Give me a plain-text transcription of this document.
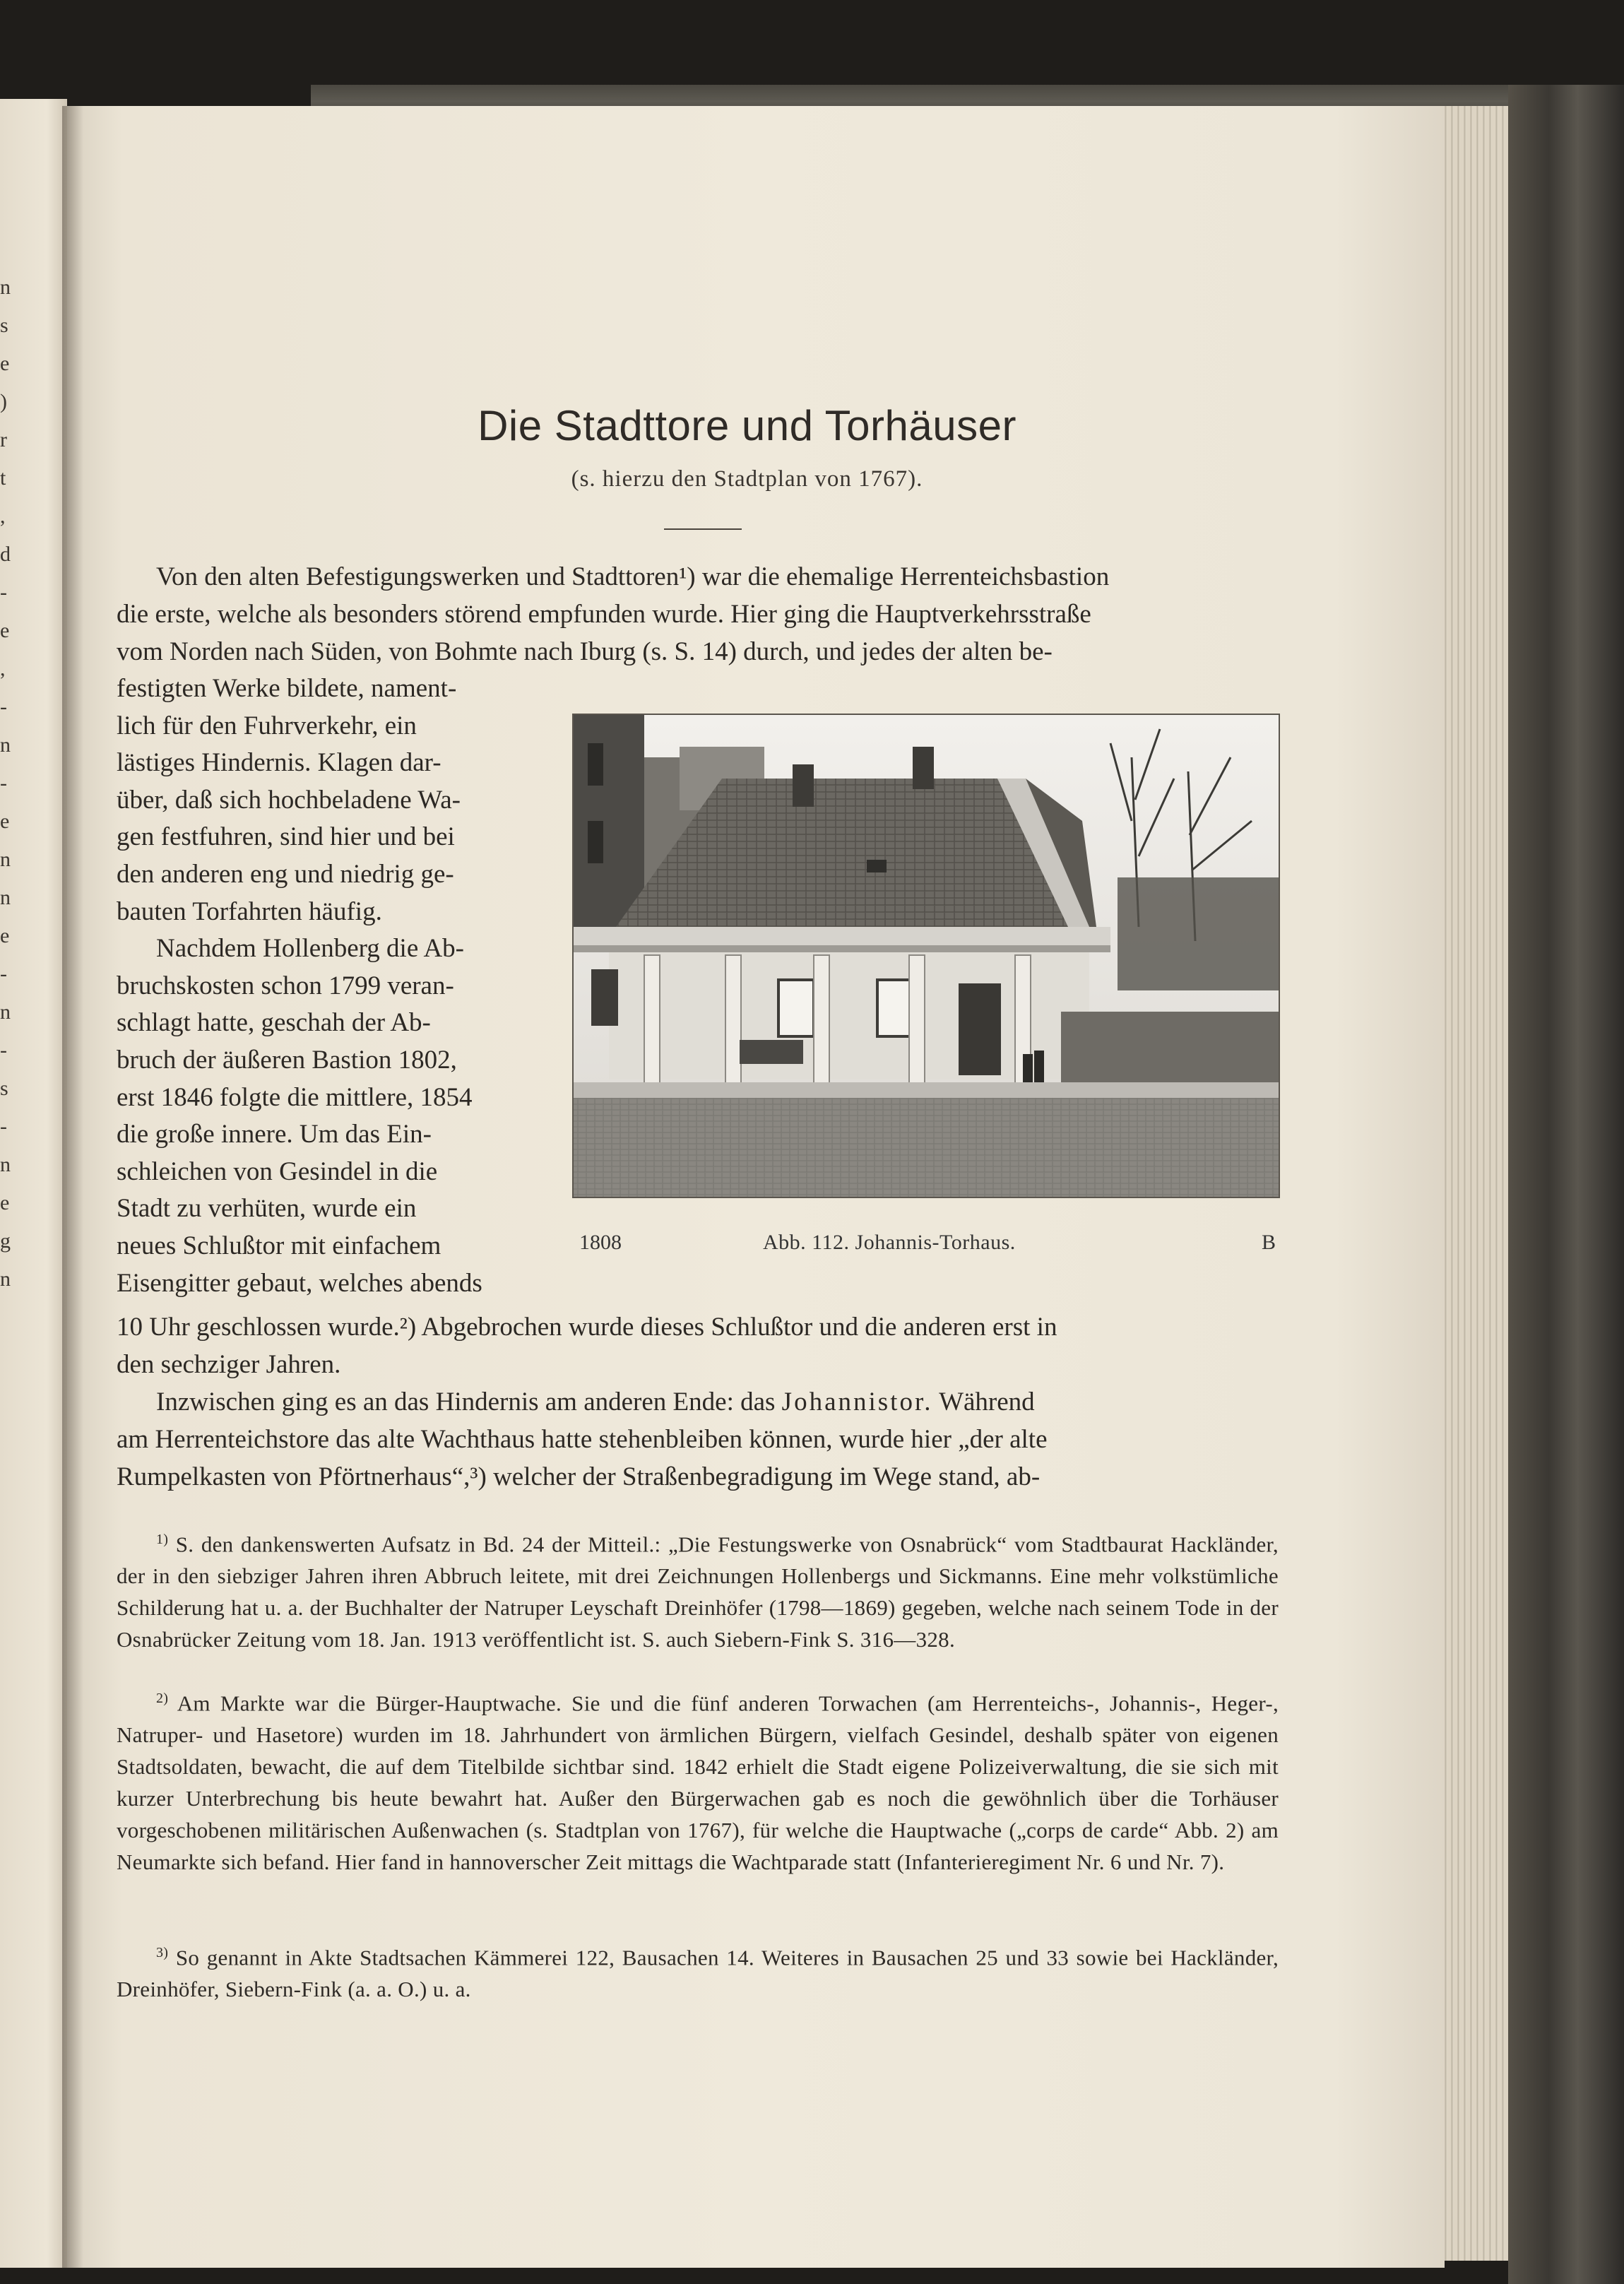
n
s
e
)
r
t
,
d
-
e
,
-
n
-
e
n
n
e
-
n
-
s
-
n
e
g
n
Die Stadttore und Torhäuser
(s. hierzu den Stadtplan von 1767).
Von den alten Befestigungswerken und Stadttoren¹) war die ehemalige Herrenteichsbastion
die erste, welche als besonders störend empfunden wurde. Hier ging die Hauptverkehrsstraße
vom Norden nach Süden, von Bohmte nach Iburg (s. S. 14) durch, und jedes der alten be-
festigten Werke bildete, nament-
lich für den Fuhrverkehr, ein
lästiges Hindernis. Klagen dar-
über, daß sich hochbeladene Wa-
gen festfuhren, sind hier und bei
den anderen eng und niedrig ge-
bauten Torfahrten häufig.
Nachdem Hollenberg die Ab-
bruchskosten schon 1799 veran-
schlagt hatte, geschah der Ab-
bruch der äußeren Bastion 1802,
erst 1846 folgte die mittlere, 1854
die große innere. Um das Ein-
schleichen von Gesindel in die
Stadt zu verhüten, wurde ein
neues Schlußtor mit einfachem
Eisengitter gebaut, welches abends
1808	Abb. 112. Johannis-Torhaus.	B
10 Uhr geschlossen wurde.²) Abgebrochen wurde dieses Schlußtor und die anderen erst in
den sechziger Jahren.
Inzwischen ging es an das Hindernis am anderen Ende: das Johannistor. Während
am Herrenteichstore das alte Wachthaus hatte stehenbleiben können, wurde hier „der alte
Rumpelkasten von Pförtnerhaus“,³) welcher der Straßenbegradigung im Wege stand, ab-
$^{1)}$ S. den dankenswerten Aufsatz in Bd. 24 der Mitteil.: „Die Festungswerke von Osnabrück“ vom Stadtbaurat Hackländer, der in den siebziger Jahren ihren Abbruch leitete, mit drei Zeichnungen Hollenbergs und Sickmanns. Eine mehr volkstümliche Schilderung hat u. a. der Buchhalter der Natruper Leyschaft Dreinhöfer (1798—1869) gegeben, welche nach seinem Tode in der Osnabrücker Zeitung vom 18. Jan. 1913 veröffentlicht ist. S. auch Siebern-Fink S. 316—328.
$^{2)}$ Am Markte war die Bürger-Hauptwache. Sie und die fünf anderen Torwachen (am Herrenteichs-, Johannis-, Heger-, Natruper- und Hasetore) wurden im 18. Jahrhundert von ärmlichen Bürgern, vielfach Gesindel, deshalb später von eigenen Stadtsoldaten, bewacht, die auf dem Titelbilde sichtbar sind. 1842 erhielt die Stadt eigene Polizeiverwaltung, die sie sich mit kurzer Unterbrechung bis heute bewahrt hat. Außer den Bürgerwachen gab es noch die gewöhnlich über die Torhäuser vorgeschobenen militärischen Außenwachen (s. Stadtplan von 1767), für welche die Hauptwache („corps de carde“ Abb. 2) am Neumarkte sich befand. Hier fand in hannoverscher Zeit mittags die Wachtparade statt (Infanterieregiment Nr. 6 und Nr. 7).
$^{3)}$ So genannt in Akte Stadtsachen Kämmerei 122, Bausachen 14. Weiteres in Bausachen 25 und 33 sowie bei Hackländer, Dreinhöfer, Siebern-Fink (a. a. O.) u. a.
